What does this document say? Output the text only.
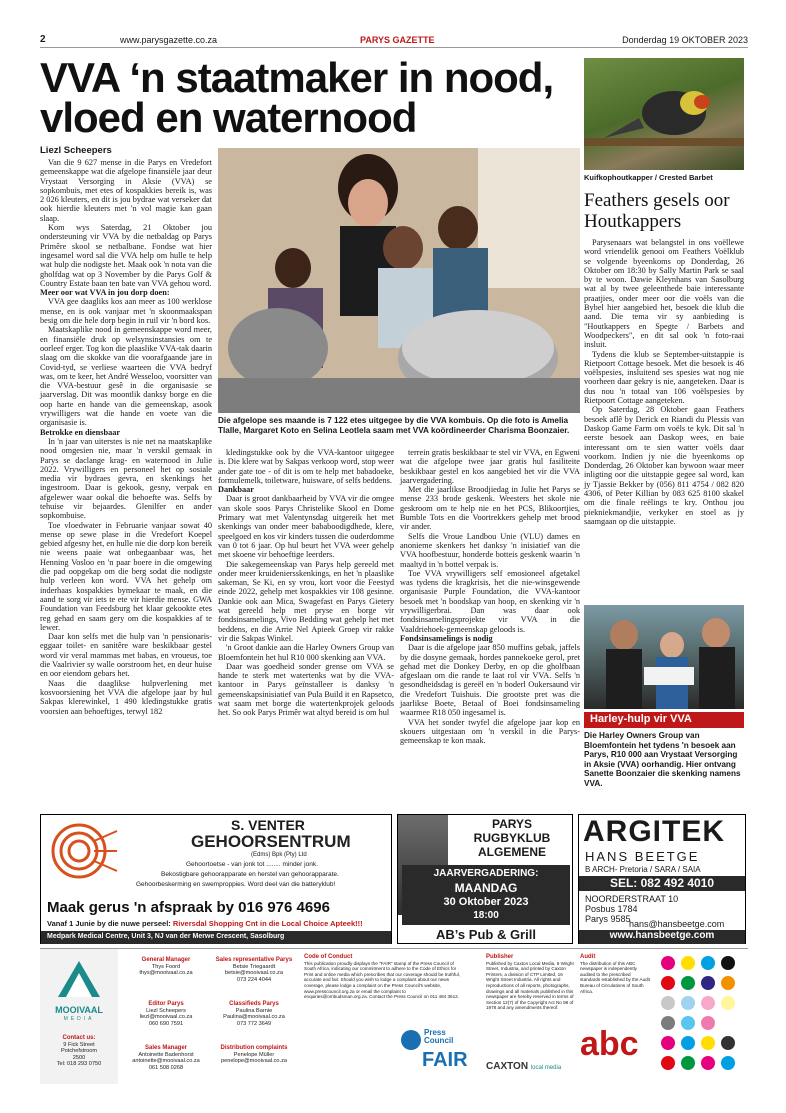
2	www.parysgazette.co.za	PARYS GAZETTE	Donderdag 19 OKTOBER 2023
VVA ‘n staatmaker in nood, vloed en waternood
Liezl Scheepers
Die afgelope ses maande is 7 122 etes uitgegee by die VVA kombuis. Op die foto is Amelia Tlalle, Margaret Koto en Selina Leotlela saam met VVA koördineerder Charisma Boonzaier.

Van die 9 627 mense in die Parys en Vredefort gemeenskappe wat die afgelope finansiële jaar deur Vrystaat Versorging in Aksie (VVA) se sopkombuis, met etes of kospakkies bereik is, was 2 026 kleuters, en dit is jou bydrae wat verseker dat ook hierdie kleuters met 'n vol magie kan gaan slaap.

Kom wys Saterdag, 21 Oktober jou ondersteuning vir VVA by die netbaldag op Parys Primêre skool se netbalbane. Fondse wat hier ingesamel word sal die VVA help om hulle te help wat hulp die nodigste het. Maak ook 'n nota van die gholfdag wat op 3 November by die Parys Golf & Country Estate baan ten bate van VVA gehou word.

Meer oor wat VVA in jou dorp doen:

VVA gee daagliks kos aan meer as 100 werklose mense, en is ook vanjaar met 'n skoonmaakspan besig om die hele dorp begin in ruil vir 'n bord kos.

Maatskaplike nood in gemeenskappe word meer, en finansiële druk op welsynsinstansies om te oorleef erger. Tog kon die plaaslike VVA-tak daarin slaag om die skokke van die voorafgaande jare in Covid-tyd, se verliese waarteen die VVA bedryf was, om te keer, het André Wesseloo, voorsitter van die VVA-bestuur gesê in die organisasie se jaarverslag. Dit was moontlik danksy borge en die oop harte en hande van die gemeenskap, asook vrywilligers wat die hande en voete van die organisasie is.

Betrokke en diensbaar

In 'n jaar van uiterstes is nie net na maatskaplike nood omgesien nie, maar 'n verskil gemaak in Parys se daclange krag- en waternood in Julie 2022. Vrywilligers en personeel het op sosiale media vir bydraes gevra, en skenkings het ingestroom. Daar is gekook, gesny, verpak en afgelewer waar ookal die behoefte was. Selfs by tehuise vir bejaardes. Glenilfer en ander sopkombuise.

Toe vloedwater in Februarie vanjaar sowat 40 mense op sewe plase in die Vredefort Koepel gebied afgesny het, en hulle nie die dorp kon bereik nie weens paaie wat onbegaanbaar was, het Henning Vosloo en 'n paar boere in die omgewing die pad oopgekap om die berg sodat die nodigste hulp verleen kon word. VVA het gehelp om inderhaas kospakkies bymekaar te maak, en die aand te sorg vir iets te ete vir hierdie mense. GWA Foundation van Feedsburg het klaar gekookte etes reg gehad en saam gery om die kospakkies af te lewer.

Daar kon selfs met die hulp van 'n pensionaris-eggaar toilet- en sanitêre ware beskikbaar gestel word vir veral mammas met babas, en vroueus, toe die Vaalrivier sy walle oorstroom het, en deur huise en oor eiendom gebars het.

Naas die daaglikse hulpverlening met kosvoorsiening het VVA die afgelope jaar by hul Sakpas klerewinkel, 1 490 kledingstukke gratis voorsien aan behoeftiges, terwyl 182

kledingstukke ook by die VVA-kantoor uitgegee is. Die klere wat by Sakpas verkoop word, stop weer ander gate toe - of dit is om te help met babadoeke, formulemelk, toiletware, huisware, of selfs beddens.

Dankbaar

Daar is groot dankbaarheid by VVA vir die omgee van skole soos Parys Christelike Skool en Dome Primary wat met Valentynsdag uitgereik het met skenkings van onder meer bababoodigdhede, klere, speelgoed en kos vir kinders tussen die ouderdomme van 0 tot 6 jaar. Op hul beurt het VVA weer gehelp met skoene vir behoeftige leerders.

Die sakegemeenskap van Parys help gereeld met onder meer kruideniersskenkings, en het 'n plaaslike sakeman, Se Ki, en sy vrou, kort voor die Feestyd einde 2022, gehelp met kospakkies vir 108 gesinne. Dankie ook aan Mica, Swagefast en Parys Gietery wat gereeld help met pryse en borge vir fondsinsamelings, Vivo Bedding wat gehelp het met beddens, en die Arrie Nel Apieek Groep vir rakke vir die Sakpas Winkel.

'n Groot dankie aan die Harley Owners Group van Bloemfontein het hul R10 000 skenking aan VVA.

Daar was goedheid sonder grense om VVA se hande te sterk met watertenks wat by die VVA-kantoor in Parys geïnstalleer is danksy 'n gemeenskapsinisiatief van Pula Build it en Rapsetco, wat saam met borge die watertenkprojek geloods het. So ook Parys Primêr wat altyd bereid is om hul

terrein gratis beskikbaar te stel vir VVA, en Egweni wat die afgelope twee jaar gratis hul fasiliteite beskikbaar gestel en kos aangebied het vir die VVA jaarvergadering.

Met die jaarlikse Broodjiedag in Julie het Parys se mense 233 brode geskenk. Weesters het skole nie geskroom om te help nie en het PCS, Blikoortjies, Bumble Tots en die Voortrekkers gehelp met brood vir ander.

Selfs die Vroue Landbou Unie (VLU) dames en anonieme skenkers het danksy 'n inisiatief van die VVA hoofbestuur, honderde botteis geskenk waarin 'n maaltyd in 'n bottel verpak is.

Toe VVA vrywilligers self emosioneel afgetakel was tydens die kragkrisis, het die nie-winsgewende organisasie Purple Foundation, die VVA-kantoor besoek met 'n boodskap van hoop, en skenking vir 'n vrywilligerbrai. Dan was daar ook fondsinsamelingsprojekte vir VVA in die Vaaldriehoek-gemeenskap geloods is.

Fondsinsamelings is nodig

Daar is die afgelope jaar 850 muffins gebak, jaffels by die dosyne gemaak, hordes pannekoeke gerol, pret gehad met die Donkey Derby, en op die gholfbaan afgeslaan om die rande te laat rol vir VVA. Selfs 'n gesondheidsdag is gereël en 'n boderl Oukersaund vir die Vredefort Tuishuis. Die grootste pret was die jaarlikse Boete, Betaal of Boei fondsinsameling waarmee R18 050 ingesamel is.

VVA het sonder twyfel die afgelope jaar kop en skouers uitgestaan om 'n verskil in die Parys-gemeenskap te kon maak.

Kuifkophoutkapper / Crested Barbet
Feathers gesels oor Houtkappers

Parysenaars wat belangstel in ons voëllewe word vriendelik genooi om Feathers Voëlklub se volgende byeenkoms op Donderdag, 26 Oktober om 18:30 by Sally Martin Park se saal by te woon. Dawie Kleynhans van Sasolburg wat al by twee geleenthede baie interessante praatjies, onder meer oor die voëls van die Bybel hier aangebied het, besoek die klub die aand. Die tema vir sy aanbieding is "Houtkappers en Spegte / Barbets and Woodpeckers", en dit sal ook 'n foto-raai insluit.

Tydens die klub se September-uitstappie is Rietpoort Cottage besoek. Met die besoek is 46 voëlspesies, insluitend ses spesies wat nog nie voorheen daar gekry is nie, aangeteken. Daar is dus nou 'n totaal van 106 voëlspesies by Rietpoort Cottage aangeteken.

Op Saterdag, 28 Oktober gaan Feathers besoek aflê by Derick en Riandi du Plessis van Daskop Game Farm om voëls te kyk. Dit sal 'n eerste besoek aan Daskop wees, en baie interessant om te sien watter voëls daar voorkom. Indien jy nie die byeenkoms op Donderdag, 26 Oktober kan bywoon waar meer inligting oor die uitstappie gegee sal word, kan jy Tjassie Bekker by (056) 811 4754 / 082 820 4306, of Peter Killian by 083 625 8100 skakel om die finale reëlings te kry. Onthou jou piekniekmandjie, verkyker en stoel as jy saamgaan op die uitstappie.

Harley-hulp vir VVA
Die Harley Owners Group van Bloemfontein het tydens 'n besoek aan Parys, R10 000 aan Vrystaat Versorging in Aksie (VVA) oorhandig. Hier ontvang Sanette Boonzaier die skenking namens VVA.
S. VENTER
GEHOORSENTRUM
(Edms) Bpk (Pty) Ltd
Gehoortoetse - van jonk tot ........ minder jonk.
Bekostigbare gehoorapparate en herstel van gehoorapparate.
Gehoorbeskerming en swemproppies. Word deel van die batteryklub!
Maak gerus 'n afspraak by 016 976 4696
Vanaf 1 Junie by die nuwe perseel: Riversdal Shopping Cnt in die Local Choice Apteek!!!
Medpark Medical Centre, Unit 3, NJ van der Merwe Crescent, Sasolburg
PARYS
RUGBYKLUB
ALGEMENE
JAARVERGADERING:
MAANDAG
30 Oktober 2023
18:00
AB’s Pub & Grill
ARGITEK
HANS BEETGE
B ARCH- Pretoria / SARA / SAIA
SEL: 082 492 4010
NOORDERSTRAAT 10
Posbus 1784
Parys 9585
hans@hansbeetge.com
www.hansbeetge.com
MOOIVAAL
MEDIA
Contact us:
9 Fick Street
Potchefstroom
2500
Tel: 018 293 0750
General Manager
Thys Foord
thys@mooivaal.co.za
Editor Parys
Liezl Scheepers
liezl@mooivaal.co.za
060 690 7591
Sales Manager
Antoinette Badenhorst
antoinette@mooivaal.co.za
061 508 0268
Sales representative Parys
Betsie Triegaardt
betsie@mooivaal.co.za
073 224 4044
Classifieds Parys
Paulina Barnie
Paulina@mooivaal.co.za
073 772 3649
Distribution complaints
Penelope Müller
penelope@mooivaal.co.za
Code of Conduct
This publication proudly displays the "FAIR" stamp of the Press Council of South Africa, indicating our commitment to adhere to the Code of Ethics for Print and online media which prescribes that our coverage should be truthful, accurate and fair. Should you wish to lodge a complaint about our news coverage, please lodge a complaint on the Press Council's website, www.presscouncil.org.za or email the complaint to enquiries@ombudsman.org.za. Contact the Press Council on 011 484 3612.
Press
Council
FAIR
Publisher
Published by Caxton Local Media, 9 Wright Street, Industria, and printed by Caxton Printers, a division of CTP Limited, 16 Wright Street Industria. All rights and reproductions of all reports, photographs, drawings and all materials published in this newspaper are hereby reserved in terms of Section 12(7) of the Copyright Act No 98 of 1978 and any amendments thereof.
CAXTON local media
Audit
The distribution of this ABC newspaper is independently audited to the prescribed standards established by the Audit Bureau of Circulations of South Africa.
abc
